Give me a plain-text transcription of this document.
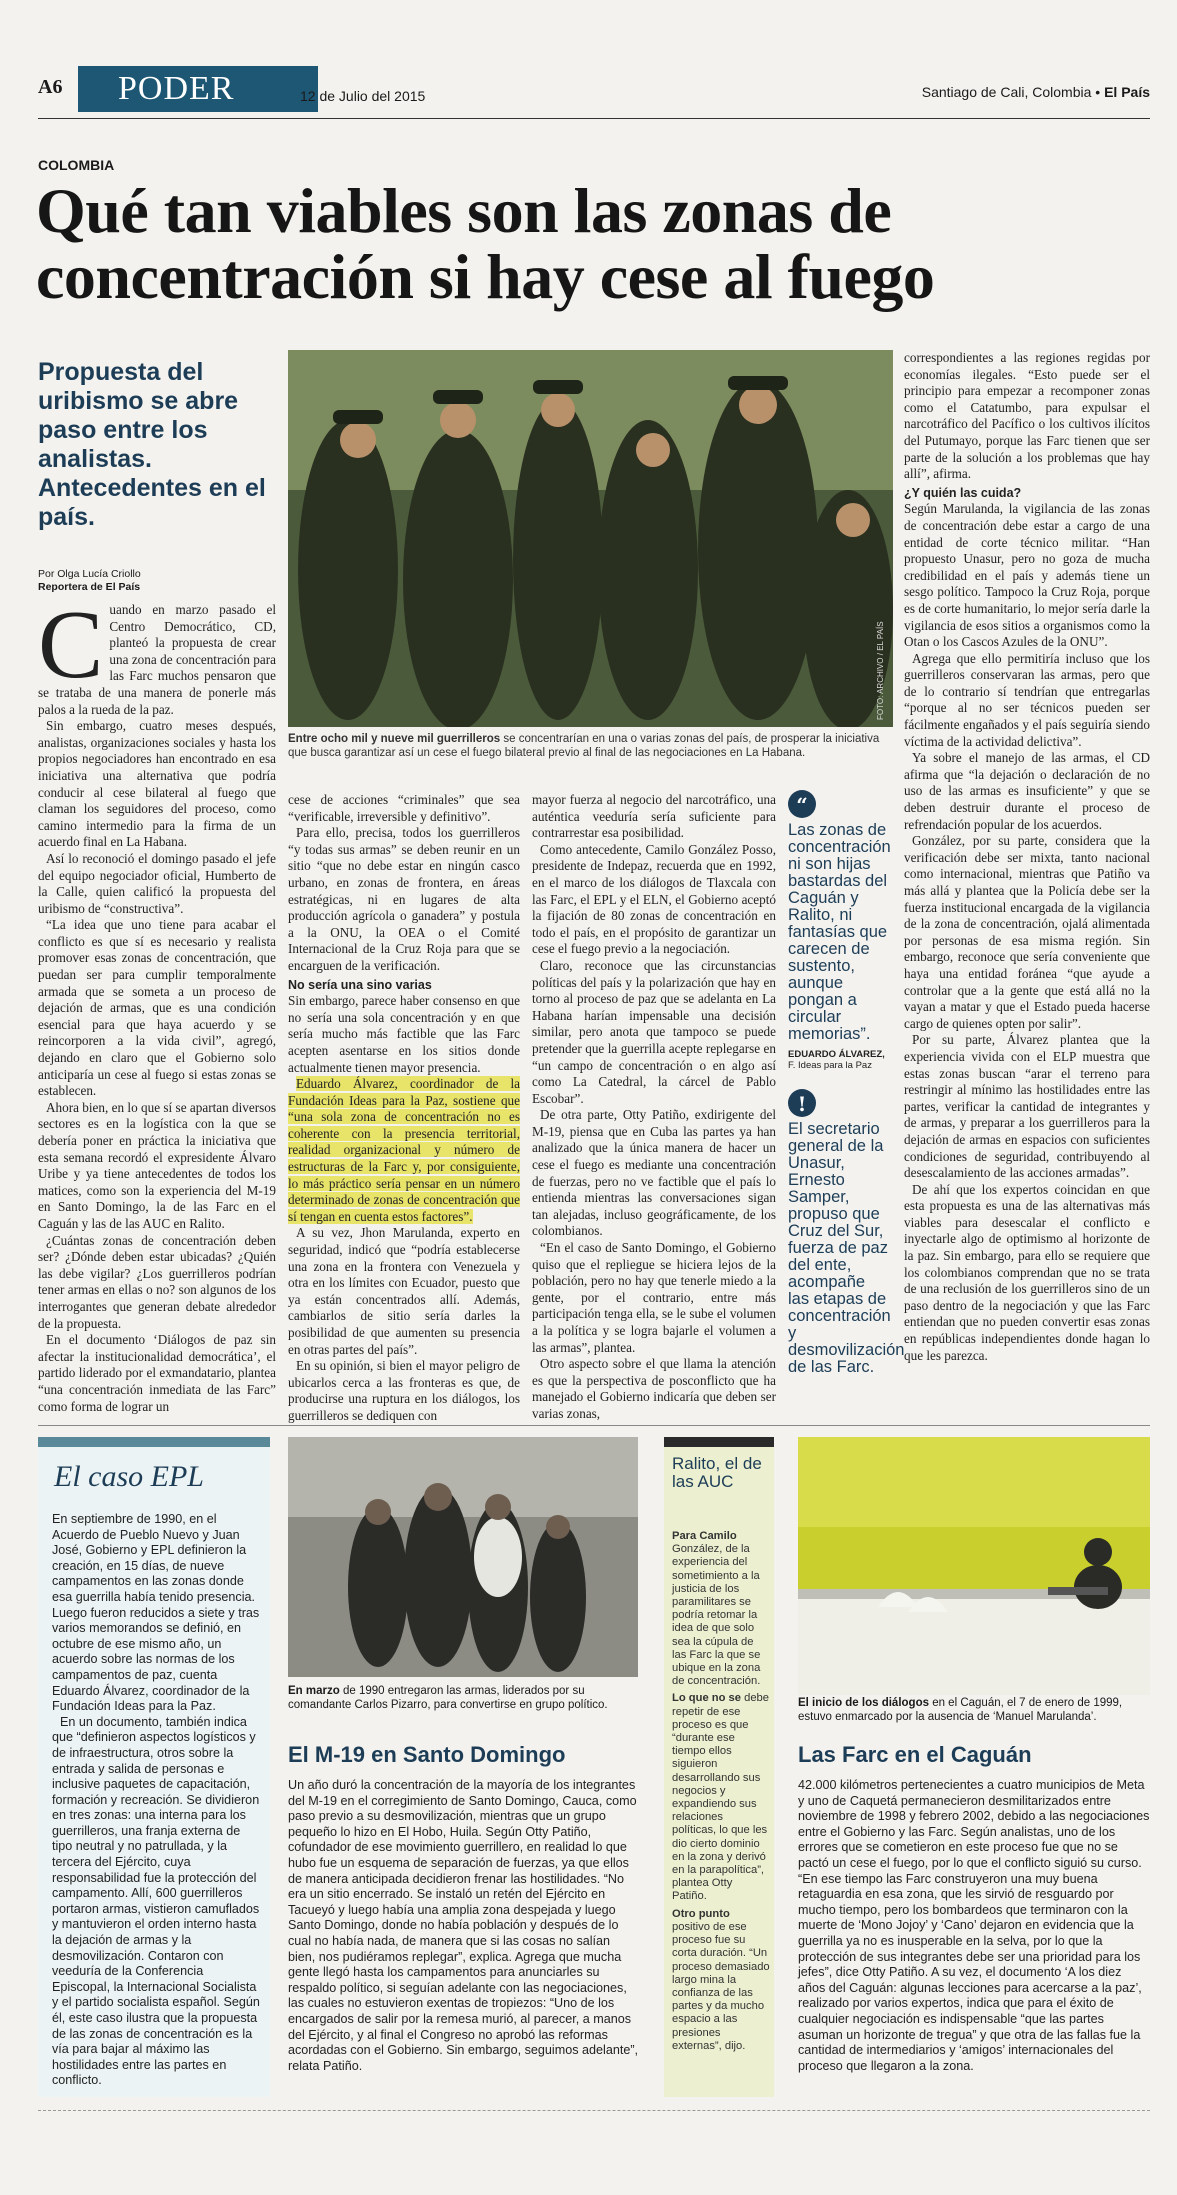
A6	PODER	12 de Julio del 2015	Santiago de Cali, Colombia • El País
COLOMBIA
Qué tan viables son las zonas de concentración si hay cese al fuego
Propuesta del uribismo se abre paso entre los analistas. Antecedentes en el país.
Por Olga Lucía Criollo
Reportera de El País

Cuando en marzo pasado el Centro Democrático, CD, planteó la propuesta de crear una zona de concentración para las Farc muchos pensaron que se trataba de una manera de ponerle más palos a la rueda de la paz.

Sin embargo, cuatro meses después, analistas, organizaciones sociales y hasta los propios negociadores han encontrado en esa iniciativa una alternativa que podría conducir al cese bilateral al fuego que claman los seguidores del proceso, como camino intermedio para la firma de un acuerdo final en La Habana.

Así lo reconoció el domingo pasado el jefe del equipo negociador oficial, Humberto de la Calle, quien calificó la propuesta del uribismo de “constructiva”.

“La idea que uno tiene para acabar el conflicto es que sí es necesario y realista promover esas zonas de concentración, que puedan ser para cumplir temporalmente armada que se someta a un proceso de dejación de armas, que es una condición esencial para que haya acuerdo y se reincorporen a la vida civil”, agregó, dejando en claro que el Gobierno solo anticiparía un cese al fuego si estas zonas se establecen.

Ahora bien, en lo que sí se apartan diversos sectores es en la logística con la que se debería poner en práctica la iniciativa que esta semana recordó el expresidente Álvaro Uribe y ya tiene antecedentes de todos los matices, como son la experiencia del M-19 en Santo Domingo, la de las Farc en el Caguán y las de las AUC en Ralito.

¿Cuántas zonas de concentración deben ser? ¿Dónde deben estar ubicadas? ¿Quién las debe vigilar? ¿Los guerrilleros podrían tener armas en ellas o no? son algunos de los interrogantes que generan debate alrededor de la propuesta.

En el documento ‘Diálogos de paz sin afectar la institucionalidad democrática’, el partido liderado por el exmandatario, plantea “una concentración inmediata de las Farc” como forma de lograr un

FOTO: ARCHIVO / EL PAÍS
Entre ocho mil y nueve mil guerrilleros se concentrarían en una o varias zonas del país, de prosperar la iniciativa que busca garantizar así un cese el fuego bilateral previo al final de las negociaciones en La Habana.

cese de acciones “criminales” que sea “verificable, irreversible y definitivo”.

Para ello, precisa, todos los guerrilleros “y todas sus armas” se deben reunir en un sitio “que no debe estar en ningún casco urbano, en zonas de frontera, en áreas estratégicas, ni en lugares de alta producción agrícola o ganadera” y postula a la ONU, la OEA o el Comité Internacional de la Cruz Roja para que se encarguen de la verificación.

No sería una sino varias

Sin embargo, parece haber consenso en que no sería una sola concentración y en que sería mucho más factible que las Farc acepten asentarse en los sitios donde actualmente tienen mayor presencia.

Eduardo Álvarez, coordinador de la Fundación Ideas para la Paz, sostiene que “una sola zona de concentración no es coherente con la presencia territorial, realidad organizacional y número de estructuras de la Farc y, por consiguiente, lo más práctico sería pensar en un número determinado de zonas de concentración que sí tengan en cuenta estos factores”.

A su vez, Jhon Marulanda, experto en seguridad, indicó que “podría establecerse una zona en la frontera con Venezuela y otra en los límites con Ecuador, puesto que ya están concentrados allí. Además, cambiarlos de sitio sería darles la posibilidad de que aumenten su presencia en otras partes del país”.

En su opinión, si bien el mayor peligro de ubicarlos cerca a las fronteras es que, de producirse una ruptura en los diálogos, los guerrilleros se dediquen con

mayor fuerza al negocio del narcotráfico, una auténtica veeduría sería suficiente para contrarrestar esa posibilidad.

Como antecedente, Camilo González Posso, presidente de Indepaz, recuerda que en 1992, en el marco de los diálogos de Tlaxcala con las Farc, el EPL y el ELN, el Gobierno aceptó la fijación de 80 zonas de concentración en todo el país, en el propósito de garantizar un cese el fuego previo a la negociación.

Claro, reconoce que las circunstancias políticas del país y la polarización que hay en torno al proceso de paz que se adelanta en La Habana harían impensable una decisión similar, pero anota que tampoco se puede pretender que la guerrilla acepte replegarse en “un campo de concentración o en algo así como La Catedral, la cárcel de Pablo Escobar”.

De otra parte, Otty Patiño, exdirigente del M-19, piensa que en Cuba las partes ya han analizado que la única manera de hacer un cese el fuego es mediante una concentración de fuerzas, pero no ve factible que el país lo entienda mientras las conversaciones sigan tan alejadas, incluso geográficamente, de los colombianos.

“En el caso de Santo Domingo, el Gobierno quiso que el repliegue se hiciera lejos de la población, pero no hay que tenerle miedo a la gente, por el contrario, entre más participación tenga ella, se le sube el volumen a la política y se logra bajarle el volumen a las armas”, plantea.

Otro aspecto sobre el que llama la atención es que la perspectiva de posconflicto que ha manejado el Gobierno indicaría que deben ser varias zonas,

“
Las zonas de concentración ni son hijas bastardas del Caguán y Ralito, ni fantasías que carecen de sustento, aunque pongan a circular memorias”.
EDUARDO ÁLVAREZ,
F. Ideas para la Paz
!
El secretario general de la Unasur, Ernesto Samper, propuso que Cruz del Sur, fuerza de paz del ente, acompañe las etapas de concentración y desmovilización de las Farc.

correspondientes a las regiones regidas por economías ilegales. “Esto puede ser el principio para empezar a recomponer zonas como el Catatumbo, para expulsar el narcotráfico del Pacífico o los cultivos ilícitos del Putumayo, porque las Farc tienen que ser parte de la solución a los problemas que hay allí”, afirma.

¿Y quién las cuida?

Según Marulanda, la vigilancia de las zonas de concentración debe estar a cargo de una entidad de corte técnico militar. “Han propuesto Unasur, pero no goza de mucha credibilidad en el país y además tiene un sesgo político. Tampoco la Cruz Roja, porque es de corte humanitario, lo mejor sería darle la vigilancia de esos sitios a organismos como la Otan o los Cascos Azules de la ONU”.

Agrega que ello permitiría incluso que los guerrilleros conservaran las armas, pero que de lo contrario sí tendrían que entregarlas “porque al no ser técnicos pueden ser fácilmente engañados y el país seguiría siendo víctima de la actividad delictiva”.

Ya sobre el manejo de las armas, el CD afirma que “la dejación o declaración de no uso de las armas es insuficiente” y que se deben destruir durante el proceso de refrendación popular de los acuerdos.

González, por su parte, considera que la verificación debe ser mixta, tanto nacional como internacional, mientras que Patiño va más allá y plantea que la Policía debe ser la fuerza institucional encargada de la vigilancia de la zona de concentración, ojalá alimentada por personas de esa misma región. Sin embargo, reconoce que sería conveniente que haya una entidad foránea “que ayude a controlar que a la gente que está allá no la vayan a matar y que el Estado pueda hacerse cargo de quienes opten por salir”.

Por su parte, Álvarez plantea que la experiencia vivida con el ELP muestra que estas zonas buscan “arar el terreno para restringir al mínimo las hostilidades entre las partes, verificar la cantidad de integrantes y de armas, y preparar a los guerrilleros para la dejación de armas en espacios con suficientes condiciones de seguridad, contribuyendo al desescalamiento de las acciones armadas”.

De ahí que los expertos coincidan en que esta propuesta es una de las alternativas más viables para desescalar el conflicto e inyectarle algo de optimismo al horizonte de la paz. Sin embargo, para ello se requiere que los colombianos comprendan que no se trata de una reclusión de los guerrilleros sino de un paso dentro de la negociación y que las Farc entiendan que no pueden convertir esas zonas en repúblicas independientes donde hagan lo que les parezca.

El caso EPL

En septiembre de 1990, en el Acuerdo de Pueblo Nuevo y Juan José, Gobierno y EPL definieron la creación, en 15 días, de nueve campamentos en las zonas donde esa guerrilla había tenido presencia. Luego fueron reducidos a siete y tras varios memorandos se definió, en octubre de ese mismo año, un acuerdo sobre las normas de los campamentos de paz, cuenta Eduardo Álvarez, coordinador de la Fundación Ideas para la Paz.

En un documento, también indica que “definieron aspectos logísticos y de infraestructura, otros sobre la entrada y salida de personas e inclusive paquetes de capacitación, formación y recreación. Se dividieron en tres zonas: una interna para los guerrilleros, una franja externa de tipo neutral y no patrullada, y la tercera del Ejército, cuya responsabilidad fue la protección del campamento. Allí, 600 guerrilleros portaron armas, vistieron camuflados y mantuvieron el orden interno hasta la dejación de armas y la desmovilización. Contaron con veeduría de la Conferencia Episcopal, la Internacional Socialista y el partido socialista español. Según él, este caso ilustra que la propuesta de las zonas de concentración es la vía para bajar al máximo las hostilidades entre las partes en conflicto.

En marzo de 1990 entregaron las armas, liderados por su comandante Carlos Pizarro, para convertirse en grupo político.
El M-19 en Santo Domingo
Un año duró la concentración de la mayoría de los integrantes del M-19 en el corregimiento de Santo Domingo, Cauca, como paso previo a su desmovilización, mientras que un grupo pequeño lo hizo en El Hobo, Huila. Según Otty Patiño, cofundador de ese movimiento guerrillero, en realidad lo que hubo fue un esquema de separación de fuerzas, ya que ellos de manera anticipada decidieron frenar las hostilidades. “No era un sitio encerrado. Se instaló un retén del Ejército en Tacueyó y luego había una amplia zona despejada y luego Santo Domingo, donde no había población y después de lo cual no había nada, de manera que si las cosas no salían bien, nos pudiéramos replegar”, explica. Agrega que mucha gente llegó hasta los campamentos para anunciarles su respaldo político, si seguían adelante con las negociaciones, las cuales no estuvieron exentas de tropiezos: “Uno de los encargados de salir por la remesa murió, al parecer, a manos del Ejército, y al final el Congreso no aprobó las reformas acordadas con el Gobierno. Sin embargo, seguimos adelante”, relata Patiño.
Ralito, el de las AUC

Para Camilo González, de la experiencia del sometimiento a la justicia de los paramilitares se podría retomar la idea de que solo sea la cúpula de las Farc la que se ubique en la zona de concentración.

Lo que no se debe repetir de ese proceso es que “durante ese tiempo ellos siguieron desarrollando sus negocios y expandiendo sus relaciones políticas, lo que les dio cierto dominio en la zona y derivó en la parapolítica”, plantea Otty Patiño.

Otro punto positivo de ese proceso fue su corta duración. “Un proceso demasiado largo mina la confianza de las partes y da mucho espacio a las presiones externas”, dijo.

El inicio de los diálogos en el Caguán, el 7 de enero de 1999, estuvo enmarcado por la ausencia de ‘Manuel Marulanda’.
Las Farc en el Caguán
42.000 kilómetros pertenecientes a cuatro municipios de Meta y uno de Caquetá permanecieron desmilitarizados entre noviembre de 1998 y febrero 2002, debido a las negociaciones entre el Gobierno y las Farc. Según analistas, uno de los errores que se cometieron en este proceso fue que no se pactó un cese el fuego, por lo que el conflicto siguió su curso. “En ese tiempo las Farc construyeron una muy buena retaguardia en esa zona, que les sirvió de resguardo por mucho tiempo, pero los bombardeos que terminaron con la muerte de ‘Mono Jojoy’ y ‘Cano’ dejaron en evidencia que la guerrilla ya no es inusperable en la selva, por lo que la protección de sus integrantes debe ser una prioridad para los jefes”, dice Otty Patiño. A su vez, el documento ‘A los diez años del Caguán: algunas lecciones para acercarse a la paz’, realizado por varios expertos, indica que para el éxito de cualquier negociación es indispensable “que las partes asuman un horizonte de tregua” y que otra de las fallas fue la cantidad de intermediarios y ‘amigos’ internacionales del proceso que llegaron a la zona.
